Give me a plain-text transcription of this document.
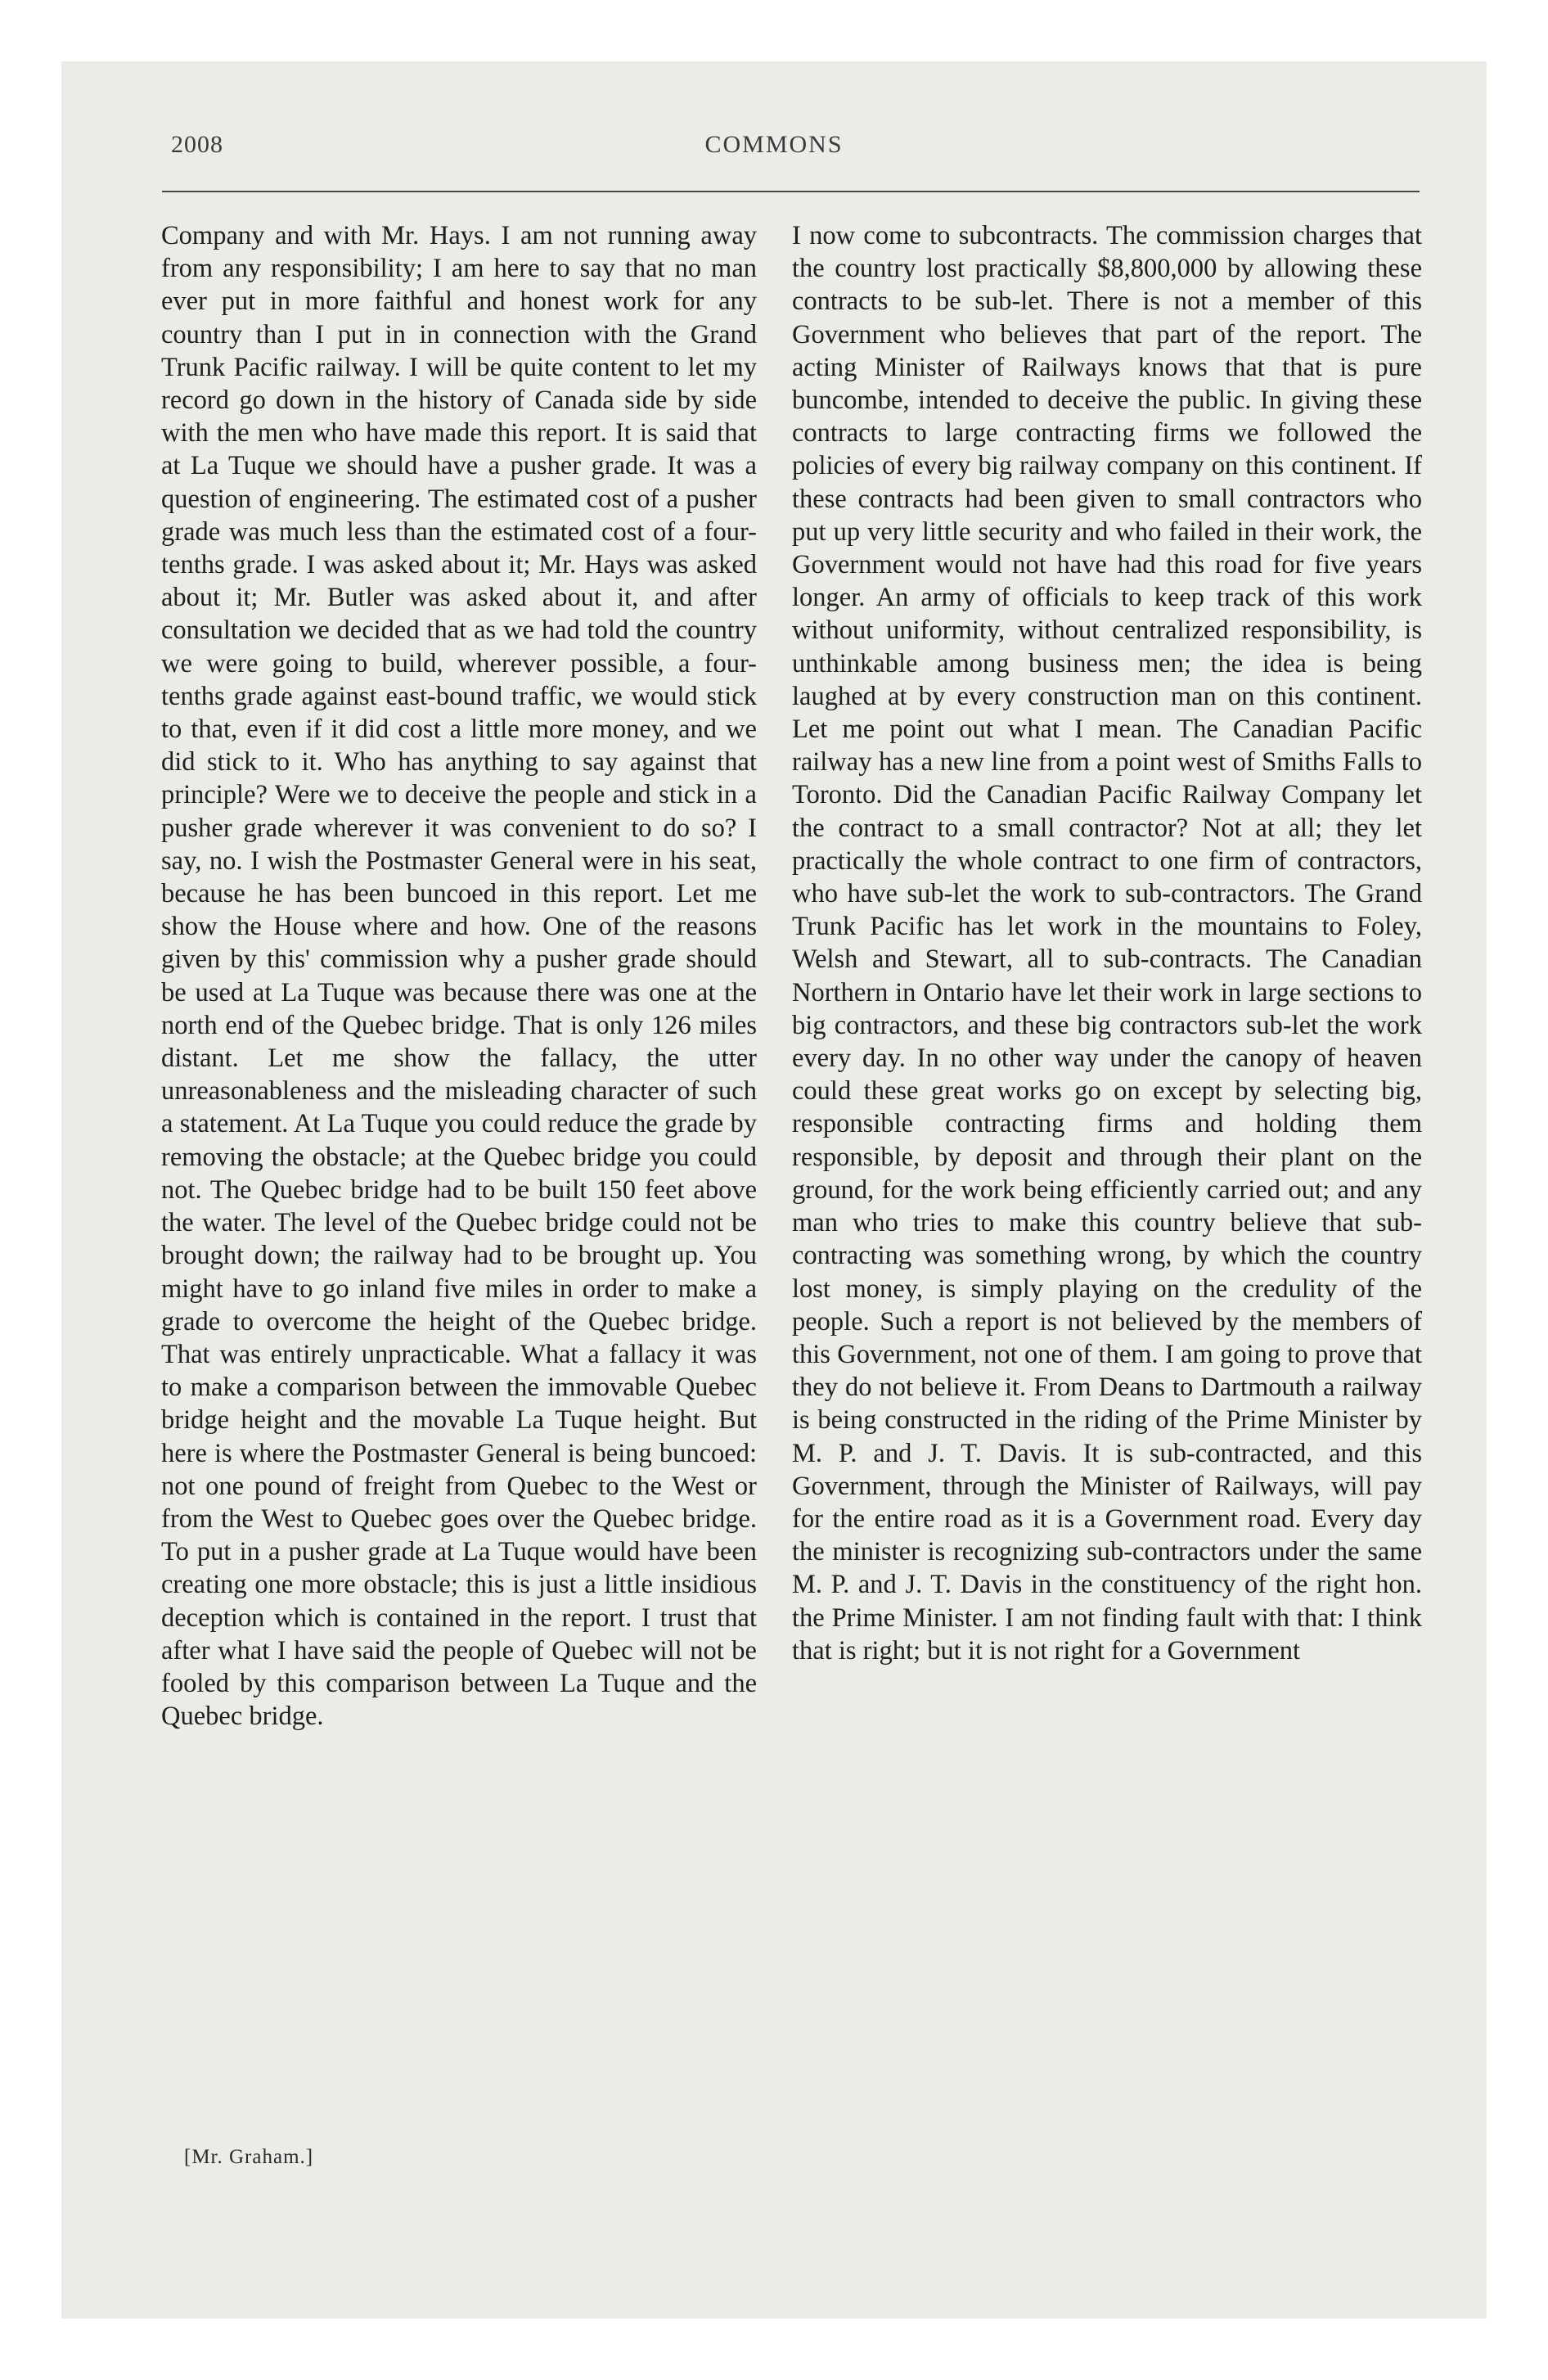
2008	COMMONS

Company and with Mr. Hays. I am not running away from any responsibility; I am here to say that no man ever put in more faithful and honest work for any country than I put in in connection with the Grand Trunk Pacific railway. I will be quite content to let my record go down in the history of Canada side by side with the men who have made this report. It is said that at La Tuque we should have a pusher grade. It was a question of engineering. The estimated cost of a pusher grade was much less than the estimated cost of a four-tenths grade. I was asked about it; Mr. Hays was asked about it; Mr. Butler was asked about it, and after consultation we decided that as we had told the country we were going to build, wherever possible, a four-tenths grade against east-bound traffic, we would stick to that, even if it did cost a little more money, and we did stick to it. Who has anything to say against that principle? Were we to deceive the people and stick in a pusher grade wherever it was convenient to do so? I say, no. I wish the Postmaster General were in his seat, because he has been buncoed in this report. Let me show the House where and how. One of the reasons given by this' commission why a pusher grade should be used at La Tuque was because there was one at the north end of the Quebec bridge. That is only 126 miles distant. Let me show the fallacy, the utter unreasonableness and the misleading character of such a statement. At La Tuque you could reduce the grade by removing the obstacle; at the Quebec bridge you could not. The Quebec bridge had to be built 150 feet above the water. The level of the Quebec bridge could not be brought down; the railway had to be brought up. You might have to go inland five miles in order to make a grade to overcome the height of the Quebec bridge. That was entirely unpracticable. What a fallacy it was to make a comparison between the immovable Quebec bridge height and the movable La Tuque height. But here is where the Postmaster General is being buncoed: not one pound of freight from Quebec to the West or from the West to Quebec goes over the Quebec bridge. To put in a pusher grade at La Tuque would have been creating one more obstacle; this is just a little insidious deception which is contained in the report. I trust that after what I have said the people of Quebec will not be fooled by this comparison between La Tuque and the Quebec bridge.

I now come to subcontracts. The commission charges that the country lost practically $8,800,000 by allowing these contracts to be sub-let. There is not a member of this Government who believes that part of the report. The acting Minister of Railways knows that that is pure buncombe, intended to deceive the public. In giving these contracts to large contracting firms we followed the policies of every big railway company on this continent. If these contracts had been given to small contractors who put up very little security and who failed in their work, the Government would not have had this road for five years longer. An army of officials to keep track of this work without uniformity, without centralized responsibility, is unthinkable among business men; the idea is being laughed at by every construction man on this continent. Let me point out what I mean. The Canadian Pacific railway has a new line from a point west of Smiths Falls to Toronto. Did the Canadian Pacific Railway Company let the contract to a small contractor? Not at all; they let practically the whole contract to one firm of contractors, who have sub-let the work to sub-contractors. The Grand Trunk Pacific has let work in the mountains to Foley, Welsh and Stewart, all to sub-contracts. The Canadian Northern in Ontario have let their work in large sections to big contractors, and these big contractors sub-let the work every day. In no other way under the canopy of heaven could these great works go on except by selecting big, responsible contracting firms and holding them responsible, by deposit and through their plant on the ground, for the work being efficiently carried out; and any man who tries to make this country believe that sub-contracting was something wrong, by which the country lost money, is simply playing on the credulity of the people. Such a report is not believed by the members of this Government, not one of them. I am going to prove that they do not believe it. From Deans to Dartmouth a railway is being constructed in the riding of the Prime Minister by M. P. and J. T. Davis. It is sub-contracted, and this Government, through the Minister of Railways, will pay for the entire road as it is a Government road. Every day the minister is recognizing sub-contractors under the same M. P. and J. T. Davis in the constituency of the right hon. the Prime Minister. I am not finding fault with that: I think that is right; but it is not right for a Government

[Mr. Graham.]
